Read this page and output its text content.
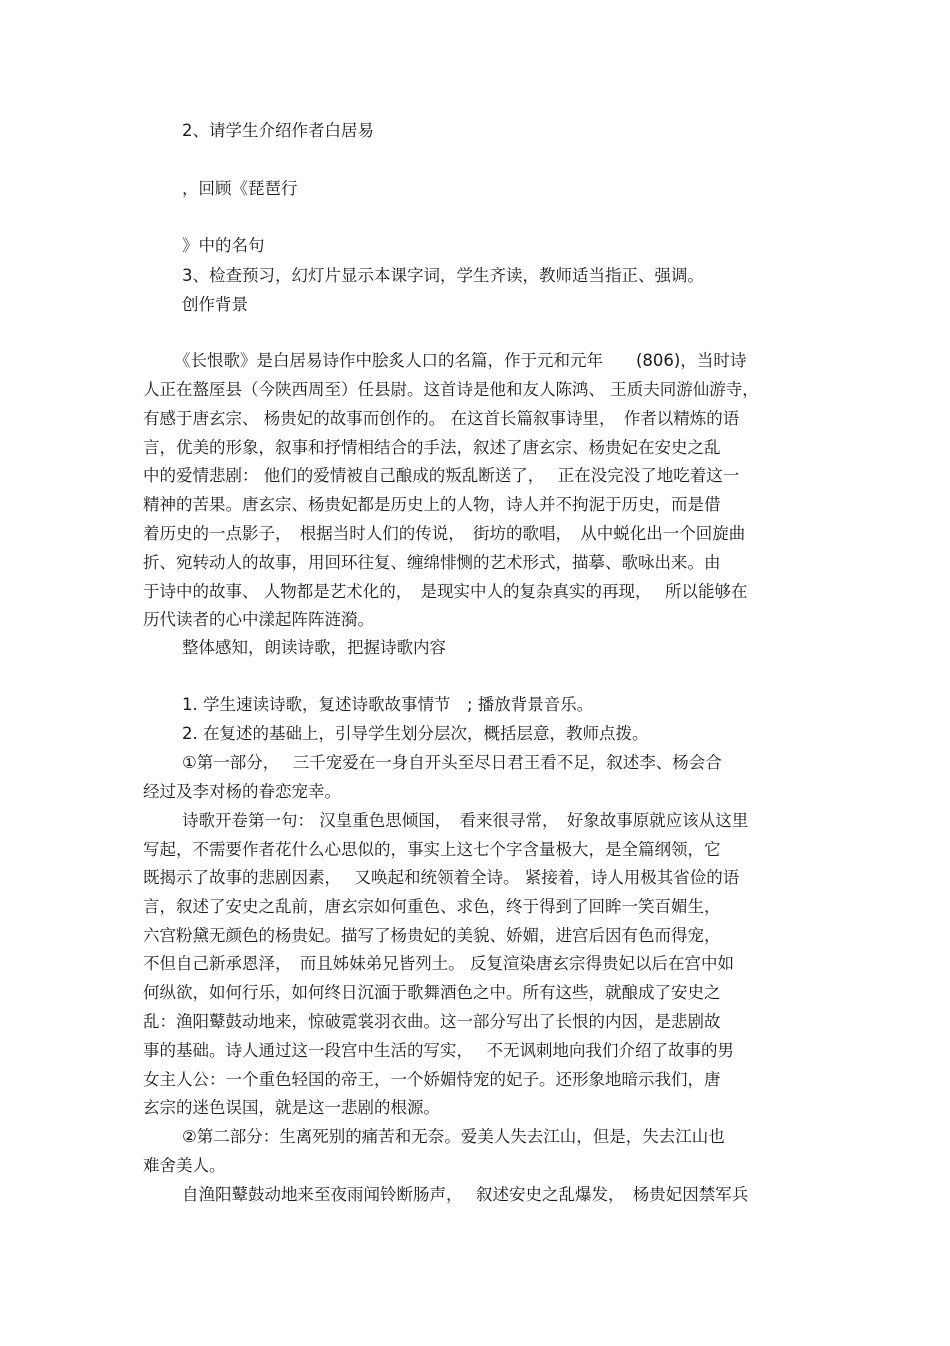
2、请学生介绍作者白居易
，回顾《琵琶行
》中的名句
3、检查预习，幻灯片显示本课字词，学生齐读，教师适当指正、强调。
创作背景
《长恨歌》是白居易诗作中脍炙人口的名篇，作于元和元年　　(806)，当时诗
人正在盩厔县（今陕西周至）任县尉。这首诗是他和友人陈鸿、 王质夫同游仙游寺，
有感于唐玄宗、 杨贵妃的故事而创作的。 在这首长篇叙事诗里，　作者以精炼的语
言，优美的形象，叙事和抒情相结合的手法，叙述了唐玄宗、杨贵妃在安史之乱
中的爱情悲剧： 他们的爱情被自己酿成的叛乱断送了，　 正在没完没了地吃着这一
精神的苦果。唐玄宗、杨贵妃都是历史上的人物，诗人并不拘泥于历史，而是借
着历史的一点影子，　根据当时人们的传说，　街坊的歌唱，　从中蜕化出一个回旋曲
折、宛转动人的故事，用回环往复、缠绵悱恻的艺术形式，描摹、歌咏出来。由
于诗中的故事、 人物都是艺术化的，　是现实中人的复杂真实的再现，　 所以能够在
历代读者的心中漾起阵阵涟漪。
整体感知，朗读诗歌，把握诗歌内容
1. 学生速读诗歌，复述诗歌故事情节　; 播放背景音乐。
2. 在复述的基础上，引导学生划分层次，概括层意，教师点拨。
①第一部分，　 三千宠爱在一身自开头至尽日君王看不足，叙述李、杨会合
经过及李对杨的眷恋宠幸。
诗歌开卷第一句： 汉皇重色思倾国，　看来很寻常，　好象故事原就应该从这里
写起，不需要作者花什么心思似的，事实上这七个字含量极大，是全篇纲领，它
既揭示了故事的悲剧因素，　 又唤起和统领着全诗。 紧接着，诗人用极其省俭的语
言，叙述了安史之乱前，唐玄宗如何重色、求色，终于得到了回眸一笑百媚生，
六宫粉黛无颜色的杨贵妃。描写了杨贵妃的美貌、娇媚，进宫后因有色而得宠，
不但自己新承恩泽，　而且姊妹弟兄皆列土。 反复渲染唐玄宗得贵妃以后在宫中如
何纵欲，如何行乐，如何终日沉湎于歌舞酒色之中。所有这些，就酿成了安史之
乱：渔阳鼙鼓动地来，惊破霓裳羽衣曲。这一部分写出了长恨的内因，是悲剧故
事的基础。诗人通过这一段宫中生活的写实，　 不无讽刺地向我们介绍了故事的男
女主人公：一个重色轻国的帝王，一个娇媚恃宠的妃子。还形象地暗示我们，唐
玄宗的迷色误国，就是这一悲剧的根源。
②第二部分：生离死别的痛苦和无奈。爱美人失去江山，但是，失去江山也
难舍美人。
自渔阳鼙鼓动地来至夜雨闻铃断肠声，　 叙述安史之乱爆发，　杨贵妃因禁军兵
